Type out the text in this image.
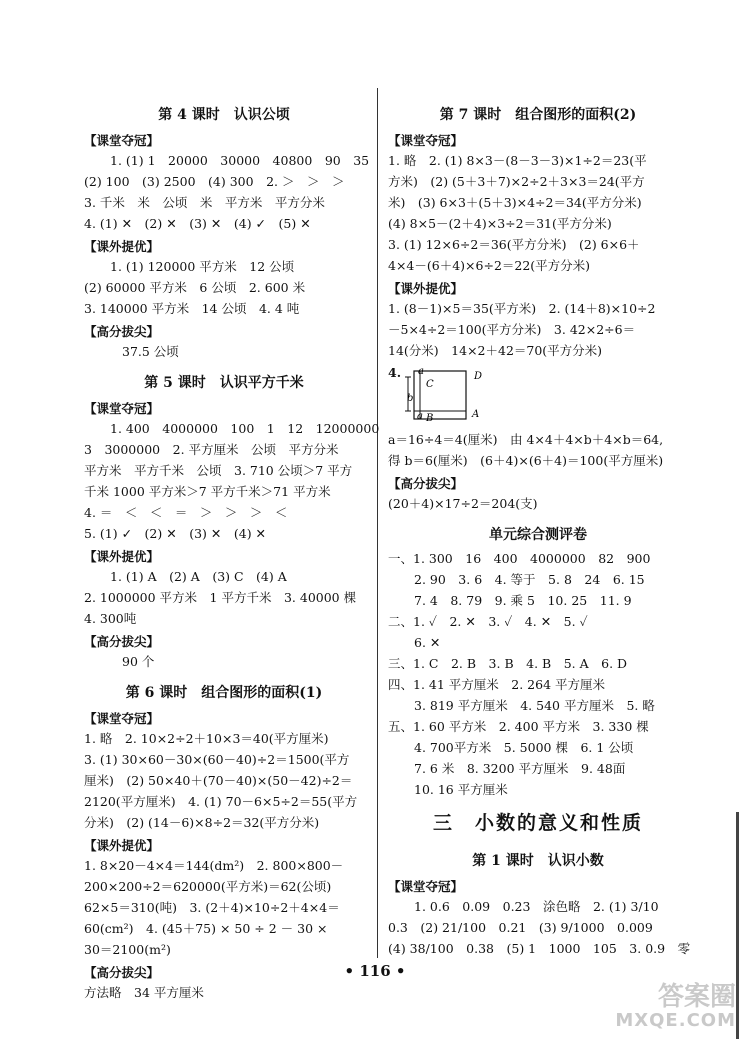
第 4 课时　认识公顷
【课堂夺冠】
1. (1) 1　20000　30000　40800　90　35
(2) 100　(3) 2500　(4) 300　2. ＞　＞　＞
3. 千米　米　公顷　米　平方米　平方分米
4. (1) ✕　(2) ✕　(3) ✕　(4) ✓　(5) ✕
【课外提优】
1. (1) 120000 平方米　12 公顷
(2) 60000 平方米　6 公顷　2. 600 米
3. 140000 平方米　14 公顷　4. 4 吨
【高分拔尖】
37.5 公顷
第 5 课时　认识平方千米
【课堂夺冠】
1. 400　4000000　100　1　12　12000000
3　3000000　2. 平方厘米　公顷　平方分米
平方米　平方千米　公顷　3. 710 公顷＞7 平方
千米 1000 平方米＞7 平方千米＞71 平方米
4. ＝　＜　＜　＝　＞　＞　＞　＜
5. (1) ✓　(2) ✕　(3) ✕　(4) ✕
【课外提优】
1. (1) A　(2) A　(3) C　(4) A
2. 1000000 平方米　1 平方千米　3. 40000 棵
4. 300吨
【高分拔尖】
90 个
第 6 课时　组合图形的面积(1)
【课堂夺冠】
1. 略　2. 10×2÷2＋10×3＝40(平方厘米)
3. (1) 30×60－30×(60－40)÷2＝1500(平方
厘米)　(2) 50×40＋(70－40)×(50－42)÷2＝
2120(平方厘米)　4. (1) 70－6×5÷2＝55(平方
分米)　(2) (14－6)×8÷2＝32(平方分米)
【课外提优】
1. 8×20－4×4＝144(dm²)　2. 800×800－
200×200÷2＝620000(平方米)＝62(公顷)
62×5＝310(吨)　3. (2＋4)×10÷2＋4×4＝
60(cm²)　4. (45＋75) × 50 ÷ 2 － 30 ×
30＝2100(m²)
【高分拔尖】
方法略　34 平方厘米
第 7 课时　组合图形的面积(2)
【课堂夺冠】
1. 略　2. (1) 8×3－(8－3－3)×1÷2＝23(平
方米)　(2) (5＋3＋7)×2÷2＋3×3＝24(平方
米)　(3) 6×3＋(5＋3)×4÷2＝34(平方分米)
(4) 8×5－(2＋4)×3÷2＝31(平方分米)
3. (1) 12×6÷2＝36(平方分米)　(2) 6×6＋
4×4－(6＋4)×6÷2＝22(平方分米)
【课外提优】
1. (8－1)×5＝35(平方米)　2. (14＋8)×10÷2
－5×4÷2＝100(平方分米)　3. 42×2÷6＝
14(分米)　14×2＋42＝70(平方分米)
4. a	D
C
b
a B	A
a＝16÷4＝4(厘米)　由 4×4＋4×b＋4×b＝64,
得 b＝6(厘米)　(6＋4)×(6＋4)＝100(平方厘米)
【高分拔尖】
(20＋4)×17÷2＝204(支)
单元综合测评卷
一、1. 300　16　400　4000000　82　900
2. 90　3. 6　4. 等于　5. 8　24　6. 15
7. 4　8. 79　9. 乘 5　10. 25　11. 9
二、1. ✓　2. ✕　3. ✓　4. ✕　5. ✓
6. ✕
三、1. C　2. B　3. B　4. B　5. A　6. D
四、1. 41 平方厘米　2. 264 平方厘米
3. 819 平方厘米　4. 540 平方厘米　5. 略
五、1. 60 平方米　2. 400 平方米　3. 330 棵
4. 700平方米　5. 5000 棵　6. 1 公顷
7. 6 米　8. 3200 平方厘米　9. 48面
10. 16 平方厘米
三　小数的意义和性质
第 1 课时　认识小数
【课堂夺冠】
1. 0.6　0.09　0.23　涂色略　2. (1) 3/10
0.3　(2) 21/100　0.21　(3) 9/1000　0.009
(4) 38/100　0.38　(5) 1　1000　105　3. 0.9　零
• 116 •
答案圈
MXQE.COM
